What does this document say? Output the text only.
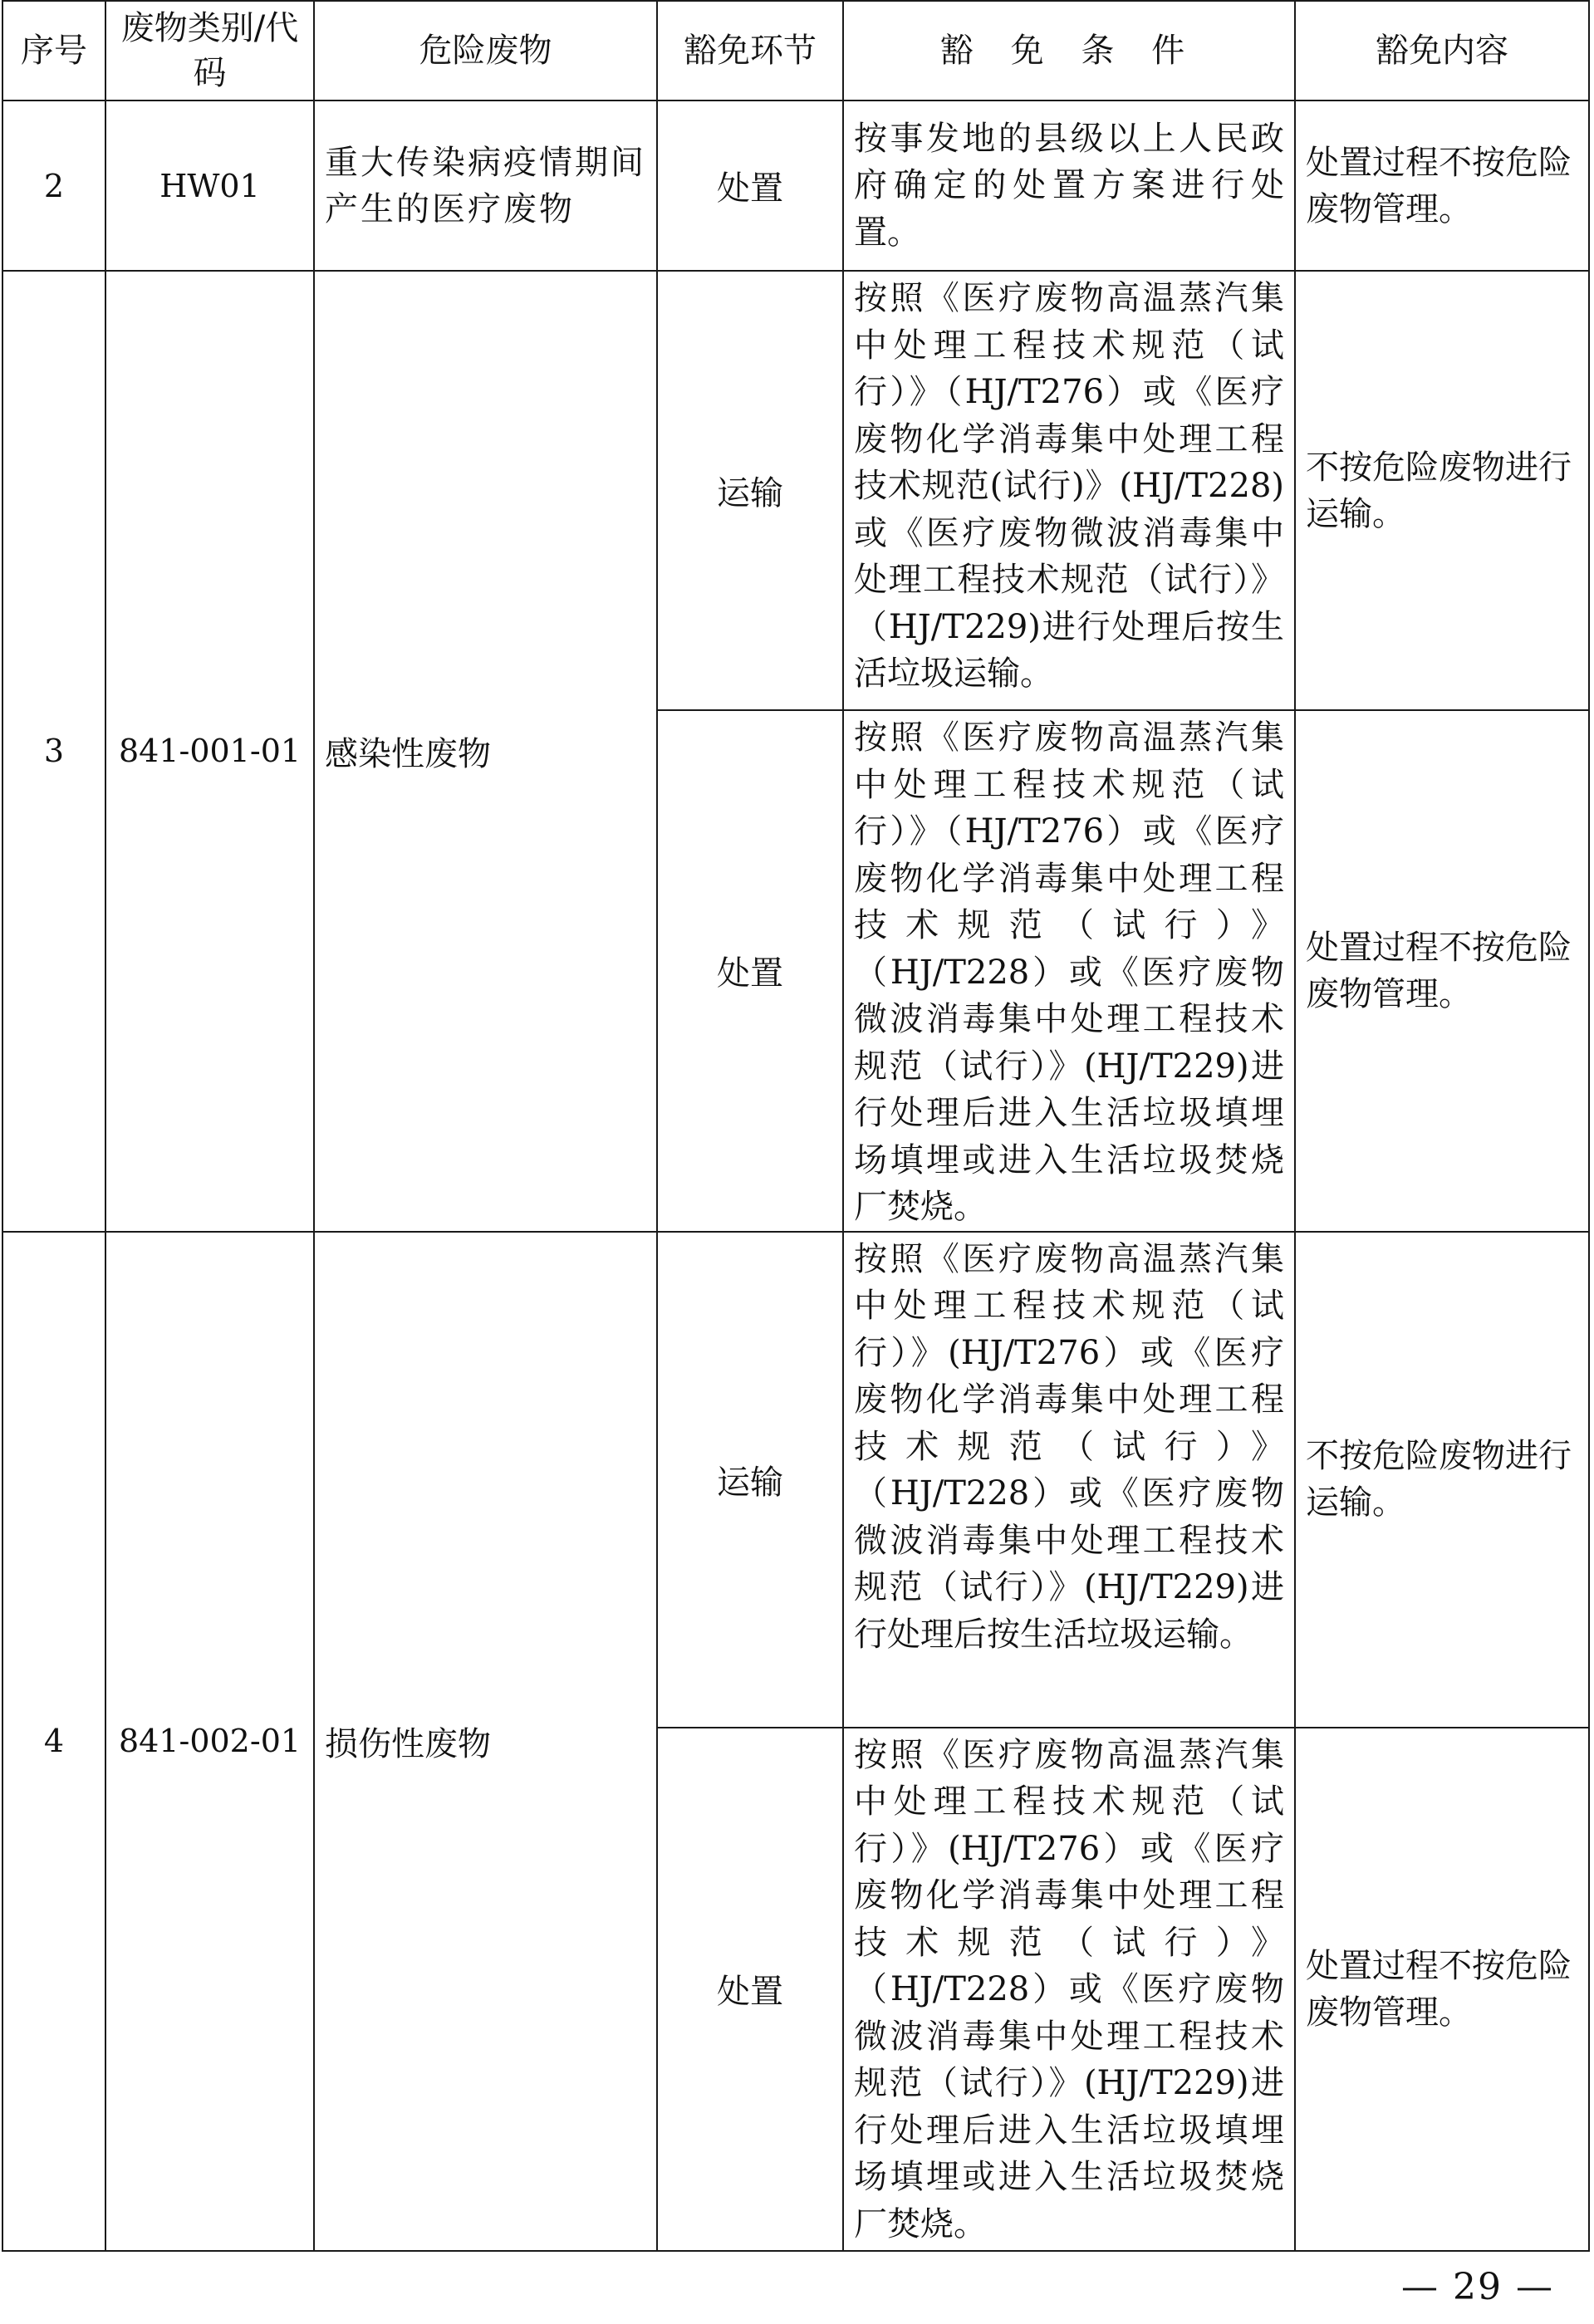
序号	废物类别/代码	危险废物	豁免环节	豁 免 条 件	豁免内容
2	HW01	重大传染病疫情期间产生的医疗废物	处置	按事发地的县级以上人民政府确定的处置方案进行处置。	处置过程不按危险废物管理。
3	841-001-01	感染性废物	运输	按照《医疗废物高温蒸汽集中处理工程技术规范（试行）》（HJ/T276）或《医疗废物化学消毒集中处理工程技术规范(试行)》(HJ/T228)或《医疗废物微波消毒集中处理工程技术规范（试行）》（HJ/T229)进行处理后按生活垃圾运输。	不按危险废物进行运输。
			处置	按照《医疗废物高温蒸汽集中处理工程技术规范（试行）》（HJ/T276）或《医疗废物化学消毒集中处理工程技术规范（试行）》（HJ/T228）或《医疗废物微波消毒集中处理工程技术规范（试行）》(HJ/T229)进行处理后进入生活垃圾填埋场填埋或进入生活垃圾焚烧厂焚烧。	处置过程不按危险废物管理。
4	841-002-01	损伤性废物	运输	按照《医疗废物高温蒸汽集中处理工程技术规范（试行）》(HJ/T276）或《医疗废物化学消毒集中处理工程技术规范（试行）》（HJ/T228）或《医疗废物微波消毒集中处理工程技术规范（试行）》(HJ/T229)进行处理后按生活垃圾运输。	不按危险废物进行运输。
			处置	按照《医疗废物高温蒸汽集中处理工程技术规范（试行）》(HJ/T276）或《医疗废物化学消毒集中处理工程技术规范（试行）》（HJ/T228）或《医疗废物微波消毒集中处理工程技术规范（试行）》(HJ/T229)进行处理后进入生活垃圾填埋场填埋或进入生活垃圾焚烧厂焚烧。	处置过程不按危险废物管理。
— 29 —
